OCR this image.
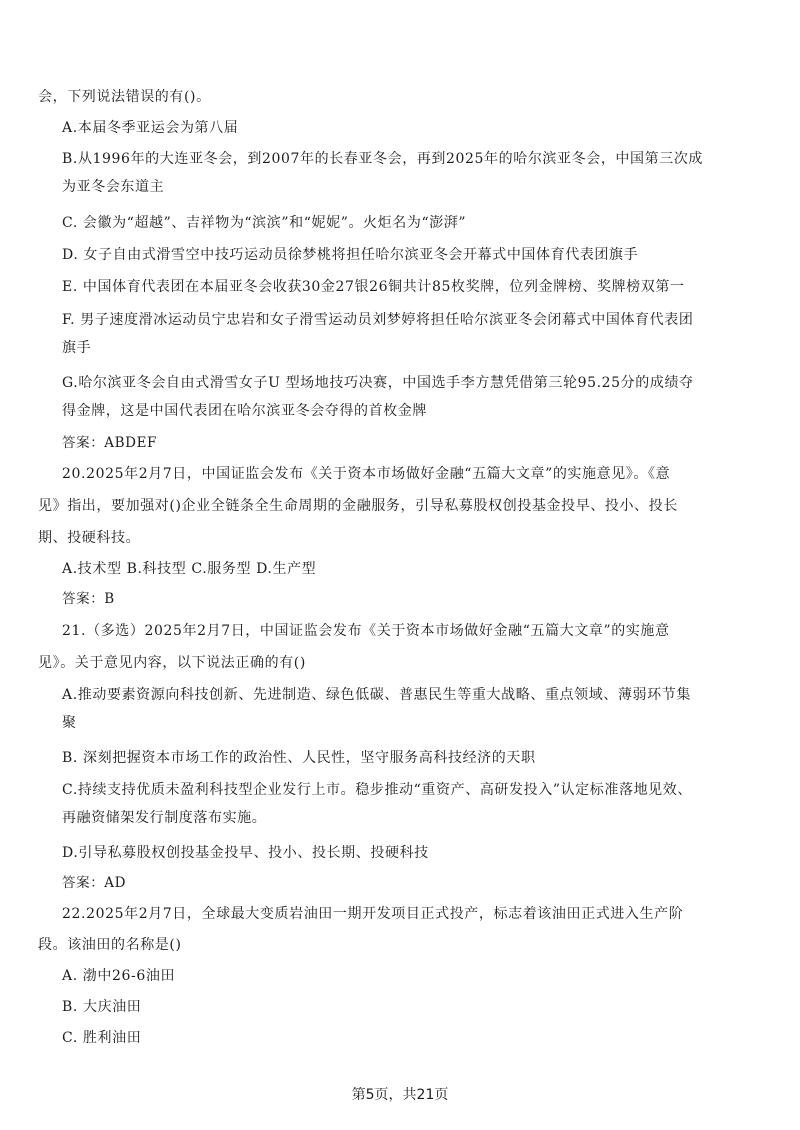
会，下列说法错误的有()。
A.本届冬季亚运会为第八届
B.从1996年的大连亚冬会，到2007年的长春亚冬会，再到2025年的哈尔滨亚冬会，中国第三次成
为亚冬会东道主
C. 会徽为“超越”、吉祥物为“滨滨”和“妮妮”。火炬名为“澎湃”
D. 女子自由式滑雪空中技巧运动员徐梦桃将担任哈尔滨亚冬会开幕式中国体育代表团旗手
E. 中国体育代表团在本届亚冬会收获30金27银26铜共计85枚奖牌，位列金牌榜、奖牌榜双第一
F. 男子速度滑冰运动员宁忠岩和女子滑雪运动员刘梦婷将担任哈尔滨亚冬会闭幕式中国体育代表团
旗手
G.哈尔滨亚冬会自由式滑雪女子U 型场地技巧决赛，中国选手李方慧凭借第三轮95.25分的成绩夺
得金牌，这是中国代表团在哈尔滨亚冬会夺得的首枚金牌
答案：ABDEF
20.2025年2月7日，中国证监会发布《关于资本市场做好金融“五篇大文章”的实施意见》。《意
见》指出，要加强对()企业全链条全生命周期的金融服务，引导私募股权创投基金投早、投小、投长
期、投硬科技。
A.技术型 B.科技型 C.服务型 D.生产型
答案：B
21.（多选）2025年2月7日，中国证监会发布《关于资本市场做好金融“五篇大文章”的实施意
见》。关于意见内容，以下说法正确的有()
A.推动要素资源向科技创新、先进制造、绿色低碳、普惠民生等重大战略、重点领域、薄弱环节集
聚
B. 深刻把握资本市场工作的政治性、人民性，坚守服务高科技经济的天职
C.持续支持优质未盈利科技型企业发行上市。稳步推动“重资产、高研发投入”认定标准落地见效、
再融资储架发行制度落布实施。
D.引导私募股权创投基金投早、投小、投长期、投硬科技
答案：AD
22.2025年2月7日，全球最大变质岩油田一期开发项目正式投产，标志着该油田正式进入生产阶
段。该油田的名称是()
A. 渤中26-6油田
B. 大庆油田
C. 胜利油田
第5页，共21页
